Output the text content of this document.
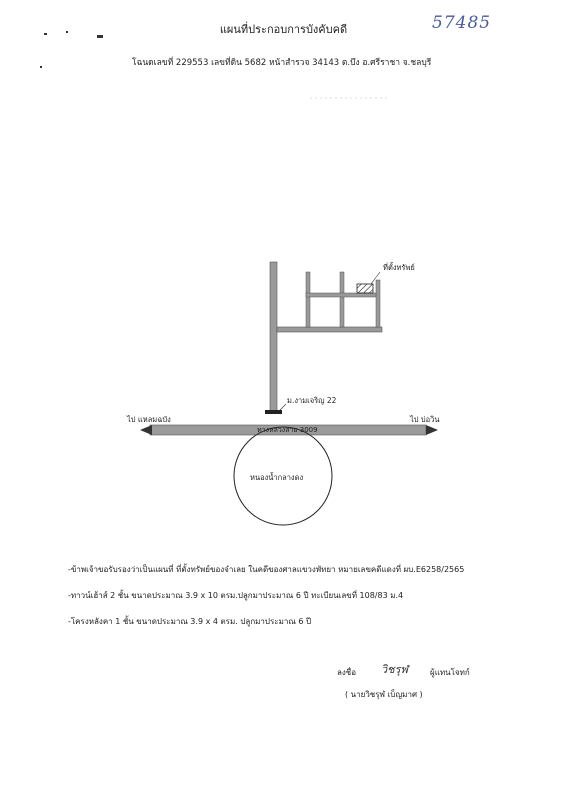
แผนที่ประกอบการบังคับคดี	57485
โฉนดเลขที่ 229553 เลขที่ดิน 5682 หน้าสำรวจ 34143 ต.บึง อ.ศรีราชา จ.ชลบุรี
ที่ตั้งทรัพย์
ม.งามเจริญ 22
ทางหลวงสาย 3009
ไป แหลมฉบัง	ไป บ่อวิน
หนองน้ำกลางดง
-ข้าพเจ้าขอรับรองว่าเป็นแผนที่ ที่ตั้งทรัพย์ของจำเลย ในคดีของศาลแขวงพัทยา หมายเลขคดีแดงที่ ผบ.E6258/2565
-ทาวน์เฮ้าส์ 2 ชั้น ขนาดประมาณ 3.9 x 10 ตรม.ปลูกมาประมาณ 6 ปี ทะเบียนเลขที่ 108/83 ม.4
-โครงหลังคา 1 ชั้น ขนาดประมาณ 3.9 x 4 ตรม. ปลูกมาประมาณ 6 ปี
ลงชื่อ วิชรุฬ	ผู้แทนโจทก์
( นายวิชรุฬ เบ็ญมาศ )
